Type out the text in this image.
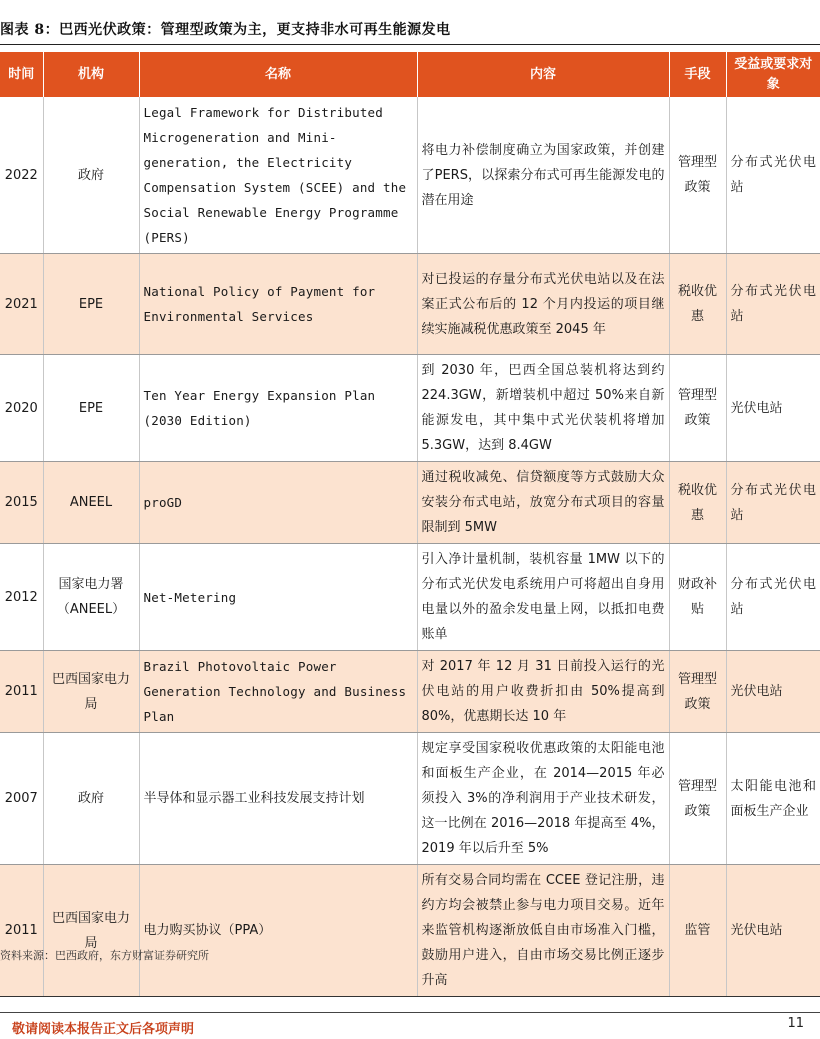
图表 8：巴西光伏政策：管理型政策为主，更支持非水可再生能源发电
时间	机构	名称	内容	手段	受益或要求对象
2022	政府	Legal Framework for Distributed Microgeneration and Mini-generation, the Electricity Compensation System (SCEE) and the Social Renewable Energy Programme (PERS)	将电力补偿制度确立为国家政策，并创建了PERS，以探索分布式可再生能源发电的潜在用途	管理型政策	分布式光伏电站
2021	EPE	National Policy of Payment for Environmental Services	对已投运的存量分布式光伏电站以及在法案正式公布后的 12 个月内投运的项目继续实施减税优惠政策至 2045 年	税收优惠	分布式光伏电站
2020	EPE	Ten Year Energy Expansion Plan (2030 Edition)	到 2030 年，巴西全国总装机将达到约 224.3GW，新增装机中超过 50%来自新能源发电，其中集中式光伏装机将增加 5.3GW，达到 8.4GW	管理型政策	光伏电站
2015	ANEEL	proGD	通过税收减免、信贷额度等方式鼓励大众安装分布式电站，放宽分布式项目的容量限制到 5MW	税收优惠	分布式光伏电站
2012	国家电力署（ANEEL）	Net-Metering	引入净计量机制，装机容量 1MW 以下的分布式光伏发电系统用户可将超出自身用电量以外的盈余发电量上网，以抵扣电费账单	财政补贴	分布式光伏电站
2011	巴西国家电力局	Brazil Photovoltaic Power Generation Technology and Business Plan	对 2017 年 12 月 31 日前投入运行的光伏电站的用户收费折扣由 50%提高到 80%，优惠期长达 10 年	管理型政策	光伏电站
2007	政府	半导体和显示器工业科技发展支持计划	规定享受国家税收优惠政策的太阳能电池和面板生产企业，在 2014—2015 年必须投入 3%的净利润用于产业技术研发，这一比例在 2016—2018 年提高至 4%，2019 年以后升至 5%	管理型政策	太阳能电池和面板生产企业
2011	巴西国家电力局	电力购买协议（PPA）	所有交易合同均需在 CCEE 登记注册，违约方均会被禁止参与电力项目交易。近年来监管机构逐渐放低自由市场准入门槛，鼓励用户进入，自由市场交易比例正逐步升高	监管	光伏电站
资料来源：巴西政府，东方财富证券研究所
敬请阅读本报告正文后各项声明	11
